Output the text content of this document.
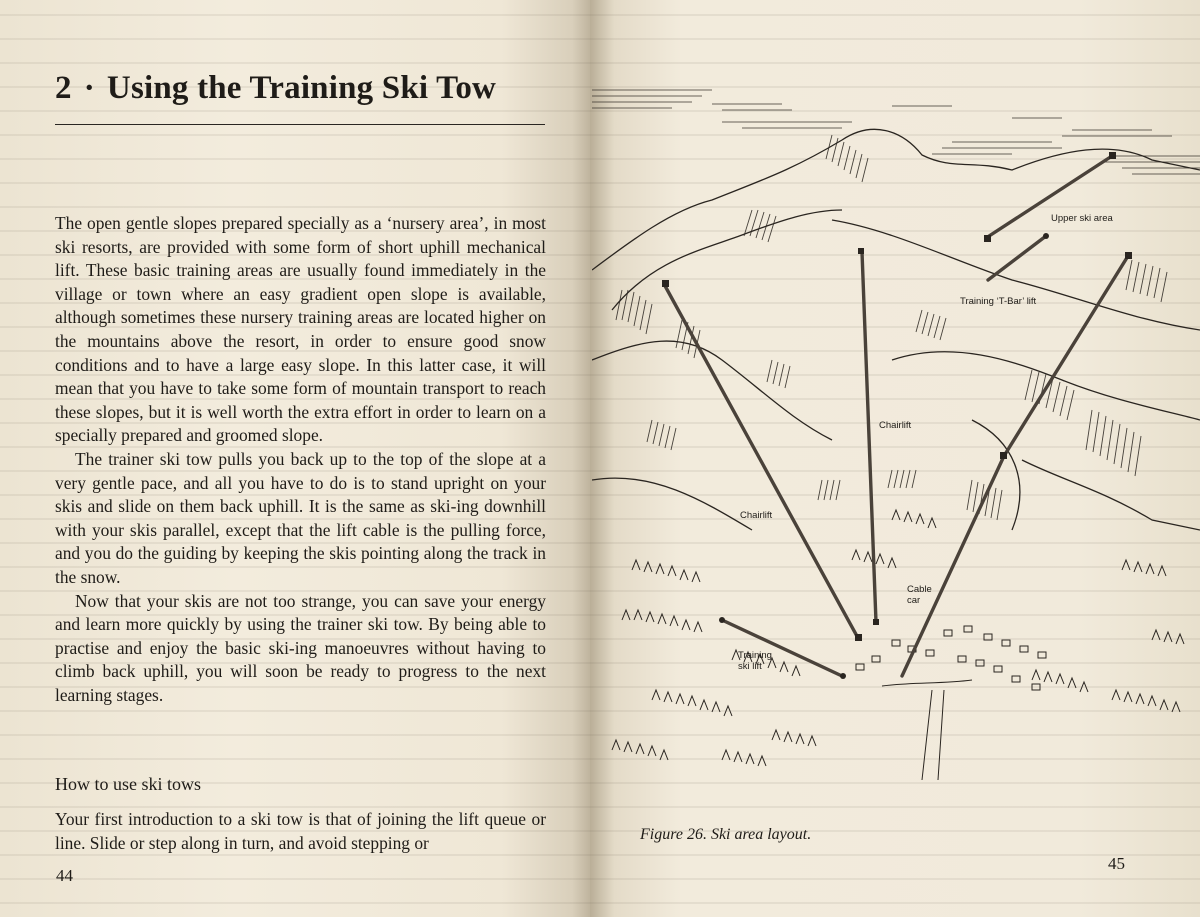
2 · Using the Training Ski Tow

The open gentle slopes prepared specially as a ‘nursery area’, in most ski resorts, are provided with some form of short uphill mechanical lift. These basic training areas are usually found immediately in the village or town where an easy gradient open slope is available, although sometimes these nursery training areas are located higher on the mountains above the resort, in order to ensure good snow conditions and to have a large easy slope. In this latter case, it will mean that you have to take some form of mountain transport to reach these slopes, but it is well worth the extra effort in order to learn on a specially prepared and groomed slope.

The trainer ski tow pulls you back up to the top of the slope at a very gentle pace, and all you have to do is to stand upright on your skis and slide on them back uphill. It is the same as ski-ing downhill with your skis parallel, except that the lift cable is the pulling force, and you do the guiding by keeping the skis pointing along the track in the snow.

Now that your skis are not too strange, you can save your energy and learn more quickly by using the trainer ski tow. By being able to practise and enjoy the basic ski-ing manoeuvres without having to climb back uphill, you will soon be ready to progress to the next learning stages.

How to use ski tows

Your first introduction to a ski tow is that of joining the lift queue or line. Slide or step along in turn, and avoid stepping or

44
Upper ski area
Training ‘T-Bar’ lift
Chairlift
Chairlift
Cable car
Training ski lift
Figure 26. Ski area layout.
45
